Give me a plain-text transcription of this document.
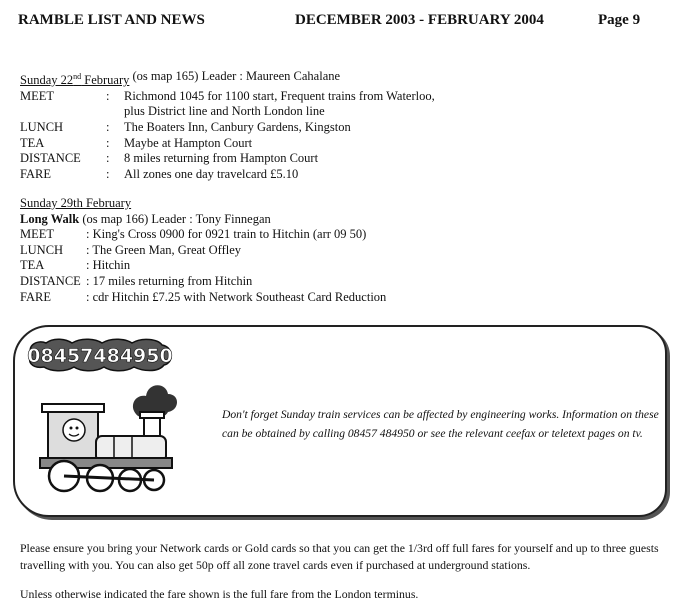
RAMBLE LIST AND NEWS	DECEMBER 2003 - FEBRUARY 2004	Page 9
Sunday 22nd February (os map 165) Leader : Maureen Cahalane
MEET	:	Richmond 1045 for 1100 start, Frequent trains from Waterloo,
plus District line and North London line
LUNCH	:	The Boaters Inn, Canbury Gardens, Kingston
TEA	:	Maybe at Hampton Court
DISTANCE	:	8 miles returning from Hampton Court
FARE	:	All zones one day travelcard £5.10
Sunday 29th February
Long Walk (os map 166) Leader : Tony Finnegan
MEET	: King's Cross 0900 for 0921 train to Hitchin (arr 09 50)
LUNCH	: The Green Man, Great Offley
TEA	: Hitchin
DISTANCE : 17 miles returning from Hitchin
FARE	: cdr Hitchin £7.25 with Network Southeast Card Reduction
08457484950
Don't forget Sunday train services can be affected by engineering works. Information on these can be obtained by calling 08457 484950 or see the relevant ceefax or teletext pages on tv.
Please ensure you bring your Network cards or Gold cards so that you can get the 1/3rd off full fares for yourself and up to three guests travelling with you. You can also get 50p off all zone travel cards even if purchased at underground stations.
Unless otherwise indicated the fare shown is the full fare from the London terminus.
